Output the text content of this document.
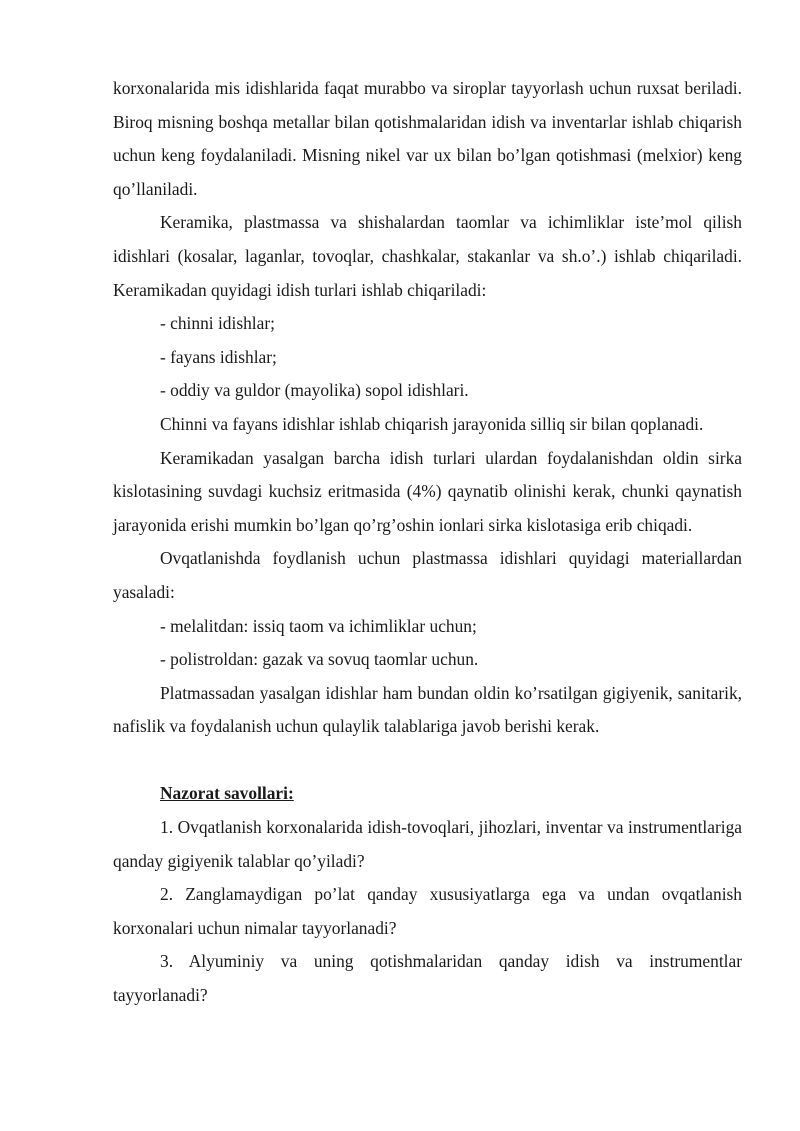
korxonalarida mis idishlarida faqat murabbo va siroplar tayyorlash uchun ruxsat beriladi. Biroq misning boshqa metallar bilan qotishmalaridan idish va inventarlar ishlab chiqarish uchun keng foydalaniladi. Misning nikel var ux bilan bo’lgan qotishmasi (melxior) keng qo’llaniladi.

Keramika, plastmassa va shishalardan taomlar va ichimliklar iste’mol qilish idishlari (kosalar, laganlar, tovoqlar, chashkalar, stakanlar va sh.o’.) ishlab chiqariladi. Keramikadan quyidagi idish turlari ishlab chiqariladi:

- chinni idishlar;

- fayans idishlar;

- oddiy va guldor (mayolika) sopol idishlari.

Chinni va fayans idishlar ishlab chiqarish jarayonida silliq sir bilan qoplanadi.

Keramikadan yasalgan barcha idish turlari ulardan foydalanishdan oldin sirka kislotasining suvdagi kuchsiz eritmasida (4%) qaynatib olinishi kerak, chunki qaynatish jarayonida erishi mumkin bo’lgan qo’rg’oshin ionlari sirka kislotasiga erib chiqadi.

Ovqatlanishda foydlanish uchun plastmassa idishlari quyidagi materiallardan yasaladi:

- melalitdan: issiq taom va ichimliklar uchun;

- polistroldan: gazak va sovuq taomlar uchun.

Platmassadan yasalgan idishlar ham bundan oldin ko’rsatilgan gigiyenik, sanitarik, nafislik va foydalanish uchun qulaylik talablariga javob berishi kerak.

Nazorat savollari:

1. Ovqatlanish korxonalarida idish-tovoqlari, jihozlari, inventar va instrumentlariga qanday gigiyenik talablar qo’yiladi?

2. Zanglamaydigan po’lat qanday xususiyatlarga ega va undan ovqatlanish korxonalari uchun nimalar tayyorlanadi?

3. Alyuminiy va uning qotishmalaridan qanday idish va instrumentlar tayyorlanadi?
